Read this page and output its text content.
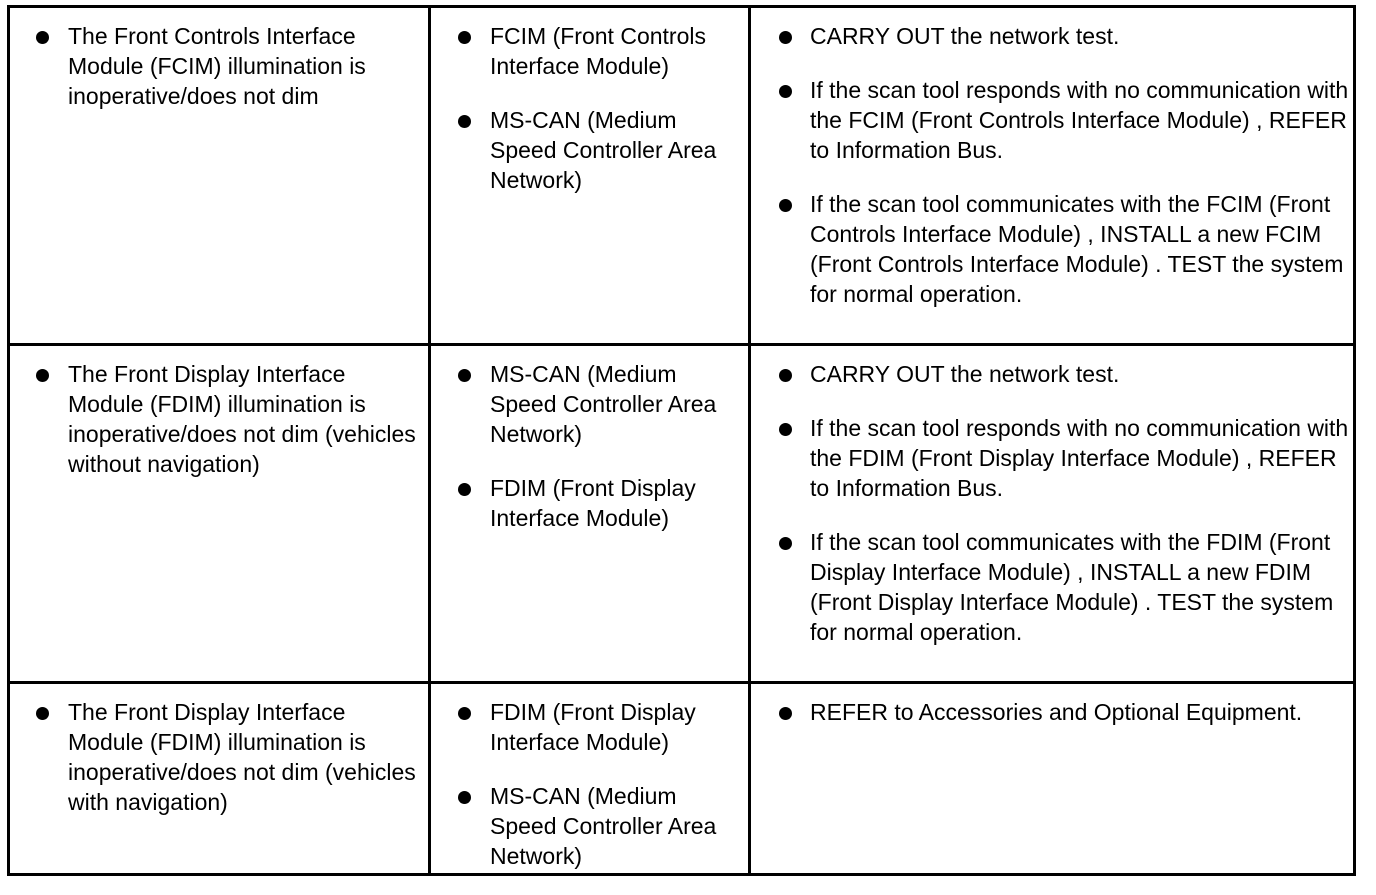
The Front Controls Interface Module (FCIM) illumination is inoperative/does not dim
FCIM (Front Controls Interface Module)
MS-CAN (Medium Speed Controller Area Network)
CARRY OUT the network test.
If the scan tool responds with no communication with the FCIM (Front Controls Interface Module) , REFER to Information Bus.
If the scan tool communicates with the FCIM (Front Controls Interface Module) , INSTALL a new FCIM (Front Controls Interface Module) . TEST the system for normal operation.
The Front Display Interface Module (FDIM) illumination is inoperative/does not dim (vehicles without navigation)
MS-CAN (Medium Speed Controller Area Network)
FDIM (Front Display Interface Module)
CARRY OUT the network test.
If the scan tool responds with no communication with the FDIM (Front Display Interface Module) , REFER to Information Bus.
If the scan tool communicates with the FDIM (Front Display Interface Module) , INSTALL a new FDIM (Front Display Interface Module) . TEST the system for normal operation.
The Front Display Interface Module (FDIM) illumination is inoperative/does not dim (vehicles with navigation)
FDIM (Front Display Interface Module)
MS-CAN (Medium Speed Controller Area Network)
REFER to Accessories and Optional Equipment.
